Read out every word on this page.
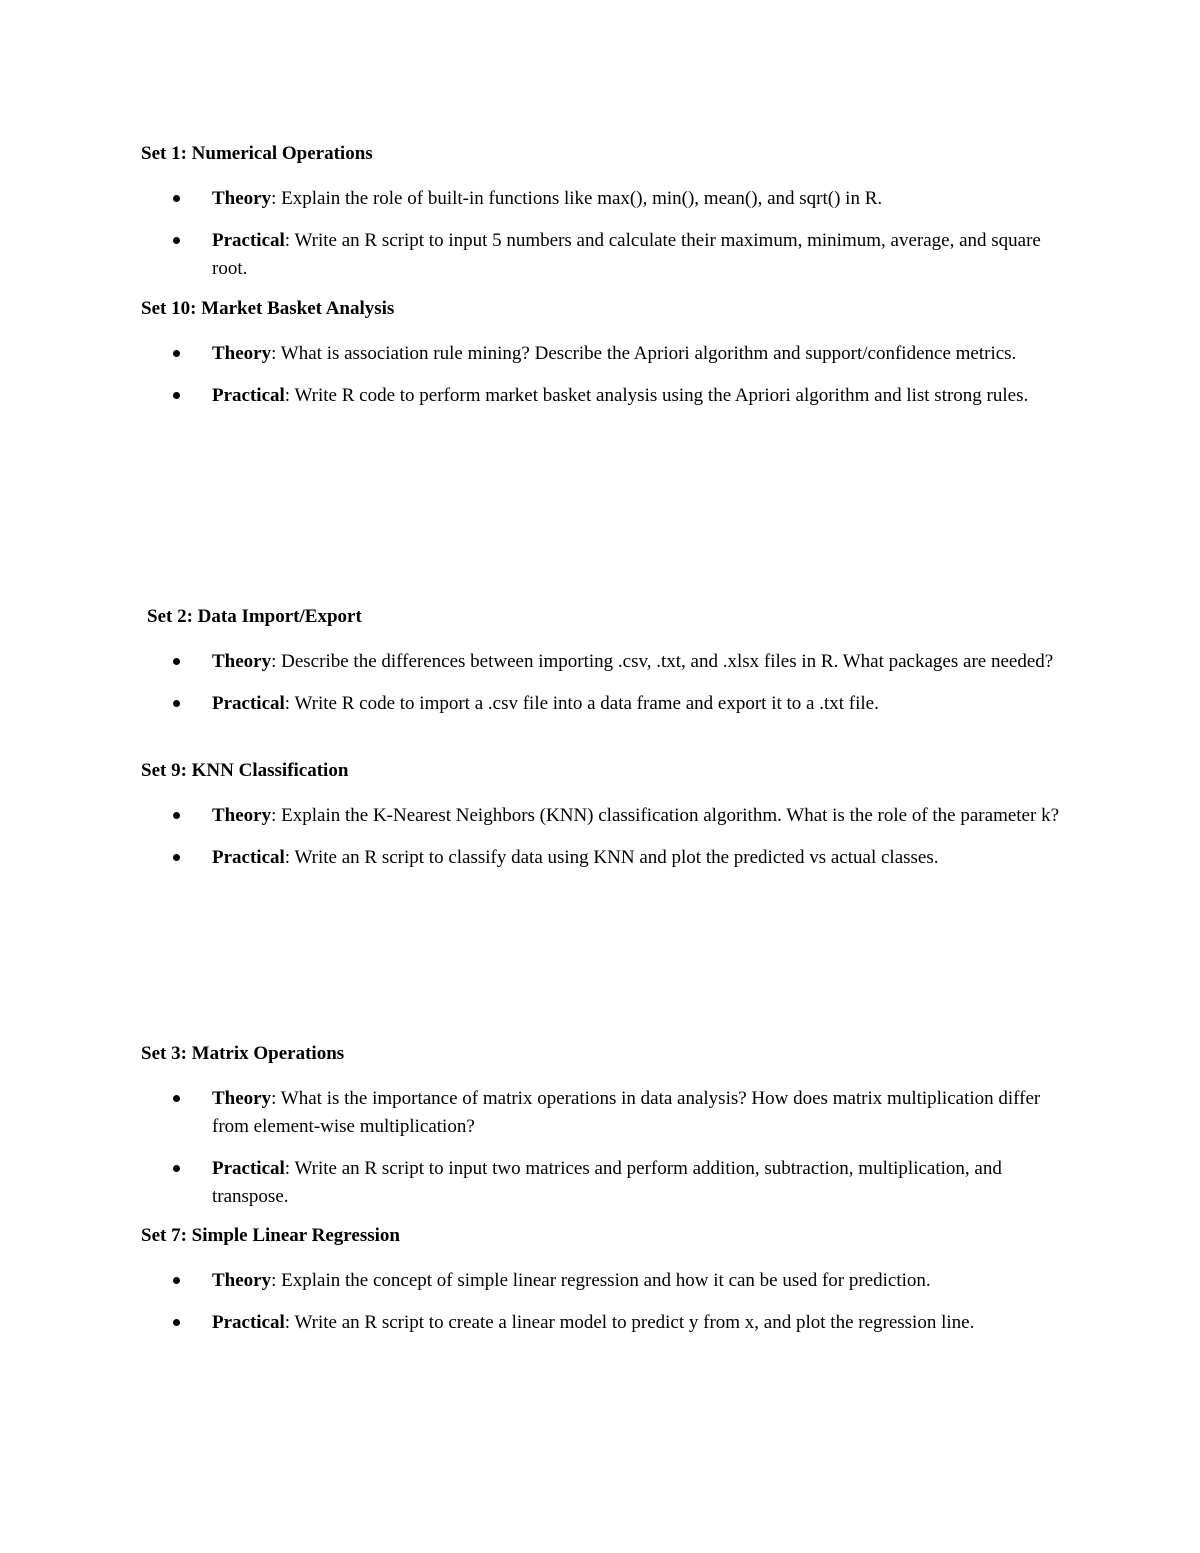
Set 1: Numerical Operations
Theory: Explain the role of built-in functions like max(), min(), mean(), and sqrt() in R.
Practical: Write an R script to input 5 numbers and calculate their maximum, minimum, average, and square root.
Set 10: Market Basket Analysis
Theory: What is association rule mining? Describe the Apriori algorithm and support/confidence metrics.
Practical: Write R code to perform market basket analysis using the Apriori algorithm and list strong rules.
Set 2: Data Import/Export
Theory: Describe the differences between importing .csv, .txt, and .xlsx files in R. What packages are needed?
Practical: Write R code to import a .csv file into a data frame and export it to a .txt file.
Set 9: KNN Classification
Theory: Explain the K-Nearest Neighbors (KNN) classification algorithm. What is the role of the parameter k?
Practical: Write an R script to classify data using KNN and plot the predicted vs actual classes.
Set 3: Matrix Operations
Theory: What is the importance of matrix operations in data analysis? How does matrix multiplication differ from element-wise multiplication?
Practical: Write an R script to input two matrices and perform addition, subtraction, multiplication, and transpose.
Set 7: Simple Linear Regression
Theory: Explain the concept of simple linear regression and how it can be used for prediction.
Practical: Write an R script to create a linear model to predict y from x, and plot the regression line.
